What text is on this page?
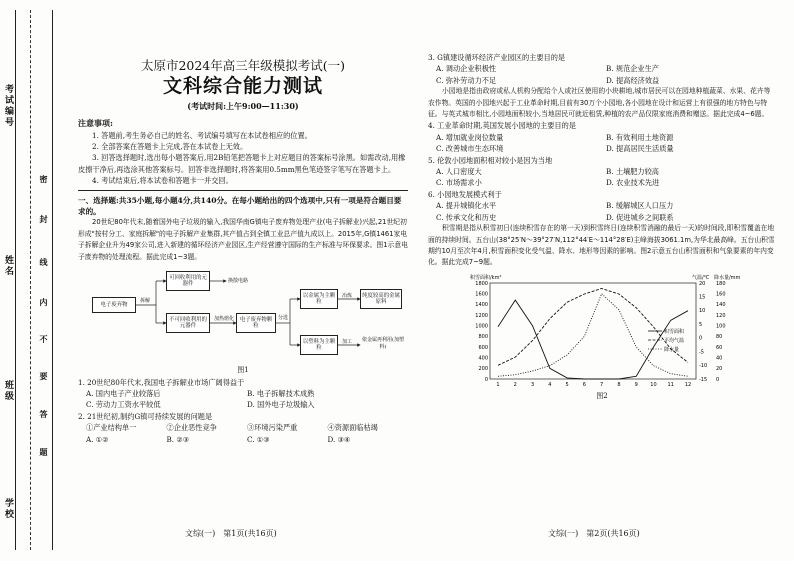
考试编号
姓名
班级
学校
密
封
线
内
不
要
答
题
太原市2024年高三年级模拟考试(一)
文科综合能力测试
(考试时间:上午9:00—11:30)
注意事项:

1. 答题前,考生务必自己的姓名、考试编号填写在本试卷相应的位置。

2. 全部答案在答题卡上完成,答在本试卷上无效。

3. 回答选择题时,选出每小题答案后,用2B铅笔把答题卡上对应题目的答案标号涂黑。如需改动,用橡皮擦干净后,再选涂其他答案标号。回答非选择题时,将答案用0.5mm黑色笔迹签字笔写在答题卡上。

4. 考试结束后,将本试卷和答题卡一并交回。

一、选择题:共35小题,每小题4分,共140分。在每小题给出的四个选项中,只有一项是符合题目要求的。

20世纪80年代末,随着国外电子垃圾的输入,我国华南G镇电子废弃物处理产业(电子拆解业)兴起,21世纪初形成"按村分工、家庭拆解"的电子拆解产业集群,其产值占到全镇工业总产值九成以上。2015年,G镇1461家电子拆解企业升为49家公司,进入新建的循环经济产业园区,生产经营遵守国际的生产标准与环保要求。图1示意电子废弃物的处理流程。据此完成1~3题。

电子废弃物
拆解
可回收利用的元器件
不可回收利用的元器件
换散电路
加热熔化	电子废弃物颗粒
分选
以金属为主颗粒
冶炼	纯度较高的金属原料
以塑料为主颗粒
加工 依金属再利用(加塑料)
图1

1. 20世纪80年代末,我国电子拆解业市场广阔得益于

A. 国内电子产业较落后	B. 电子拆解技术成熟
C. 劳动力工资水平较低	D. 国外电子垃圾输入

2. 21世纪初,制约G镇可持续发展的问题是

①产业结构单一	②企业恶性竞争	③环境污染严重	④资源面临枯竭
A. ①②	B. ②③	C. ①③	D. ③④

3. G镇建设循环经济产业园区的主要目的是

A. 调动企业积极性	B. 规范企业生产
C. 弥补劳动力不足	D. 提高经济效益

小园地是指由政府或私人机构分配给个人或社区使用的小块耕地,城市居民可以在园地种植蔬菜、水果、花卉等农作物。英国的小园地兴起于工业革命时期,目前有30万个小园地,各小园地在设计和运营上有很强的地方特色与特征。与英式城市相比,小园地面积较小,当地居民可就近租赁,种植的农产品仅限家庭消费和赠送。据此完成4~6题。

4. 工业革命时期,英国发展小园地的主要目的是

A. 增加就业岗位数量	B. 有效利用土地资源
C. 改善城市生态环境	D. 提高居民生活质量

5. 伦敦小园地面积相对较小是因为当地

A. 人口密度大	B. 土壤肥力较高
C. 市场需求小	D. 农业技术先进

6. 小园地发展模式利于

A. 提升城镇化水平	B. 缓解城区人口压力
C. 传承文化和历史	D. 促进城乡之间联系

积雪期是指从积雪初日(连续积雪存在的第一天)到积雪终日(连续积雪消融的最后一天)的时间段,即积雪覆盖在地面的持续时间。五台山(38°25′N～39°27′N,112°44′E～114°28′E)主峰海拔3061.1m,为华北最高峰。五台山积雪期约10月至次年4月,积雪面积变化受气温、降水、地形等因素的影响。图2示意五台山积雪面积和气象要素的年内变化。据此完成7~9题。

1800
1600
1400
1200
1000
800
600
400
200
0
20
15
10
5
0
-5
-10
-15
180
160
140
120
100
80
60
40
20
0
积雪面积/km²	气温/℃ 降水量/mm
1	2	3	4	5	6	7	8	9 10 11 12
积雪面积
平均气温
降水量
图2
文综(一)　第1页(共16页)	文综(一)　第2页(共16页)
